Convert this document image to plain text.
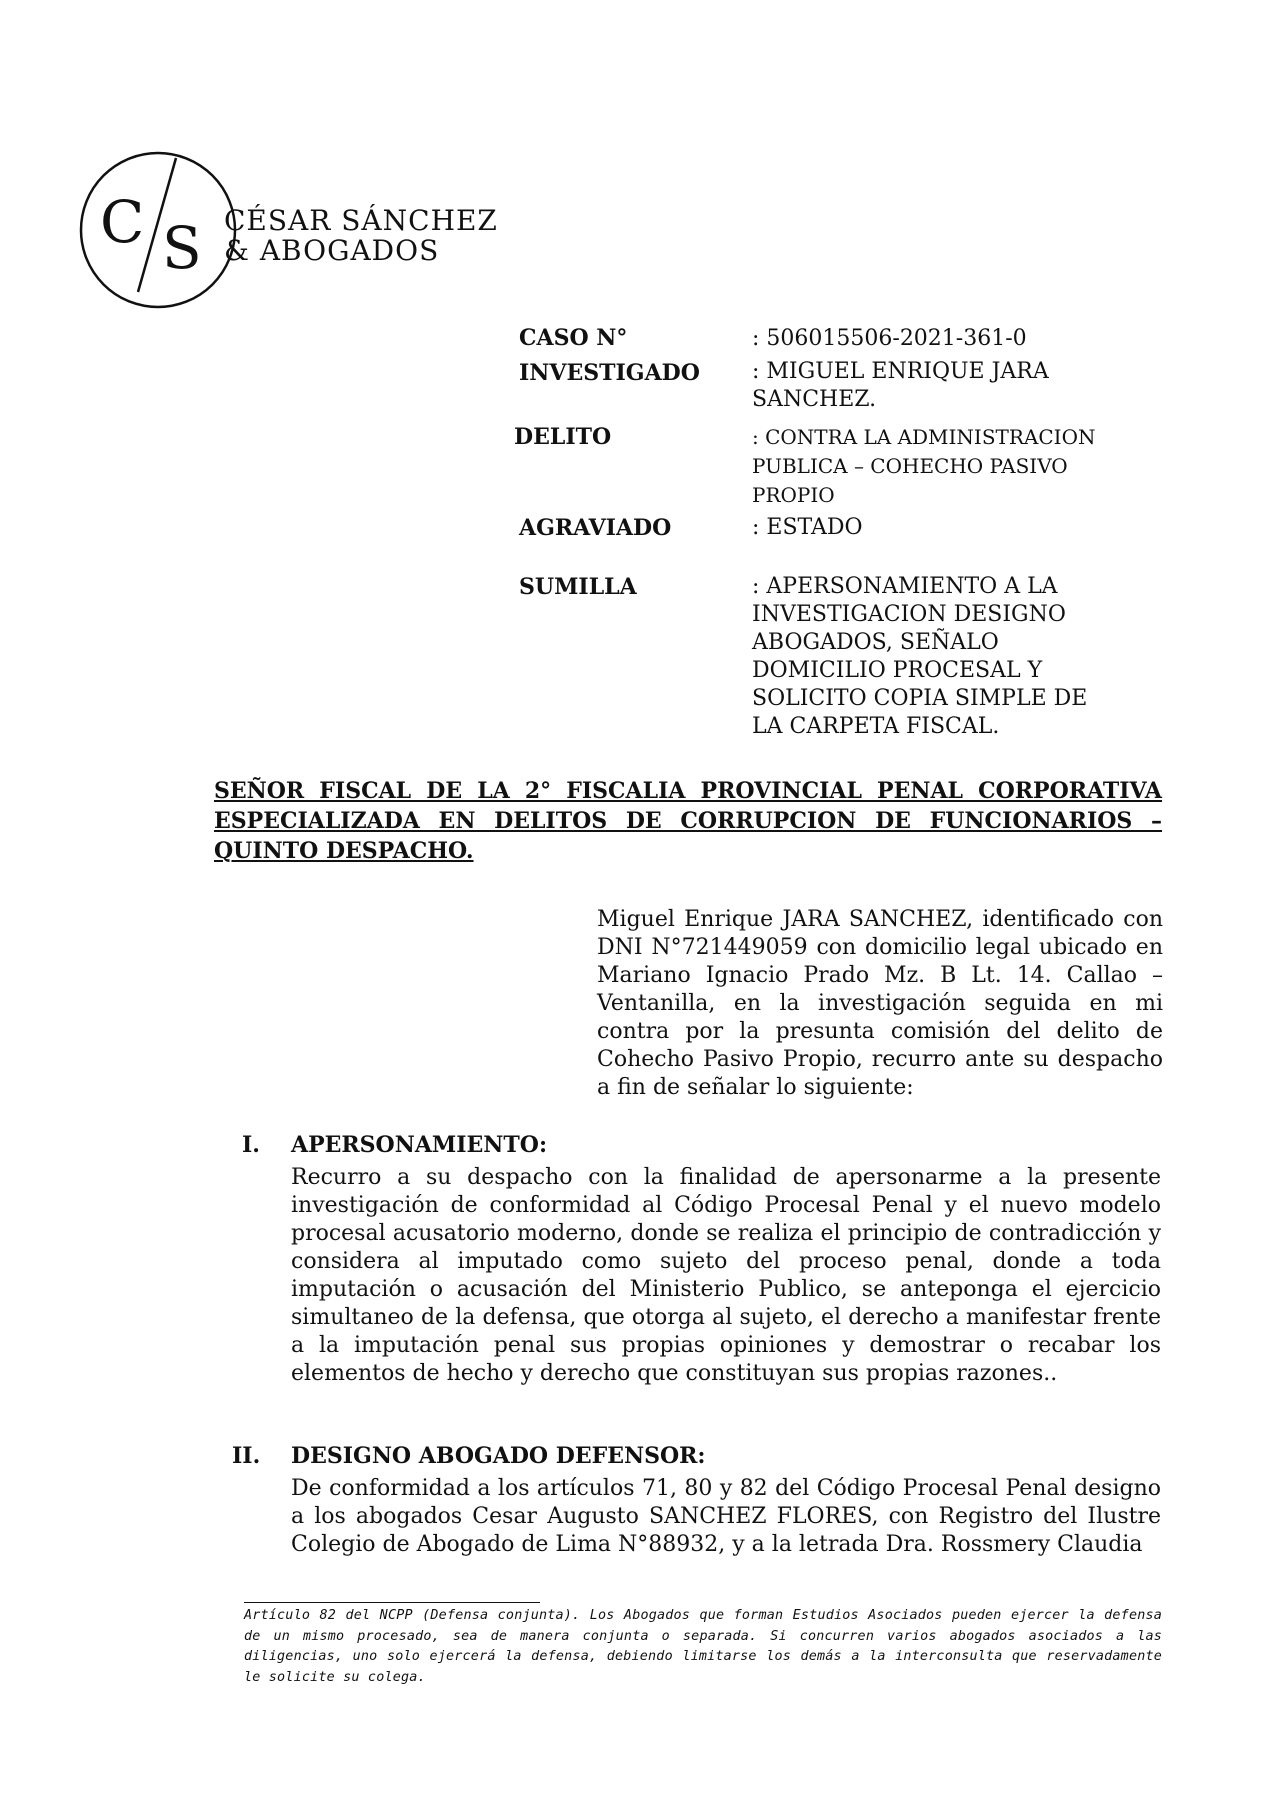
C S CÉSAR SÁNCHEZ
& ABOGADOS
CASO N°	: 506015506-2021-361-0
INVESTIGADO : MIGUEL ENRIQUE JARA SANCHEZ.
DELITO	: CONTRA LA ADMINISTRACION PUBLICA – COHECHO PASIVO PROPIO
AGRAVIADO	: ESTADO
SUMILLA	: APERSONAMIENTO A LA INVESTIGACION DESIGNO ABOGADOS, SEÑALO DOMICILIO PROCESAL Y SOLICITO COPIA SIMPLE DE LA CARPETA FISCAL.
SEÑOR FISCAL DE LA 2° FISCALIA PROVINCIAL PENAL CORPORATIVA ESPECIALIZADA EN DELITOS DE CORRUPCION DE FUNCIONARIOS – QUINTO DESPACHO.
Miguel Enrique JARA SANCHEZ, identificado con DNI N°721449059 con domicilio legal ubicado en Mariano Ignacio Prado Mz. B Lt. 14. Callao – Ventanilla, en la investigación seguida en mi contra por la presunta comisión del delito de Cohecho Pasivo Propio, recurro ante su despacho a fin de señalar lo siguiente:
I. APERSONAMIENTO:
Recurro a su despacho con la finalidad de apersonarme a la presente investigación de conformidad al Código Procesal Penal y el nuevo modelo procesal acusatorio moderno, donde se realiza el principio de contradicción y considera al imputado como sujeto del proceso penal, donde a toda imputación o acusación del Ministerio Publico, se anteponga el ejercicio simultaneo de la defensa, que otorga al sujeto, el derecho a manifestar frente a la imputación penal sus propias opiniones y demostrar o recabar los elementos de hecho y derecho que constituyan sus propias razones..
II. DESIGNO ABOGADO DEFENSOR:
De conformidad a los artículos 71, 80 y 82 del Código Procesal Penal designo a los abogados Cesar Augusto SANCHEZ FLORES, con Registro del Ilustre Colegio de Abogado de Lima N°88932, y a la letrada Dra. Rossmery Claudia
Artículo 82 del NCPP (Defensa conjunta). Los Abogados que forman Estudios Asociados pueden ejercer la defensa de un mismo procesado, sea de manera conjunta o separada. Si concurren varios abogados asociados a las diligencias, uno solo ejercerá la defensa, debiendo limitarse los demás a la interconsulta que reservadamente le solicite su colega.
